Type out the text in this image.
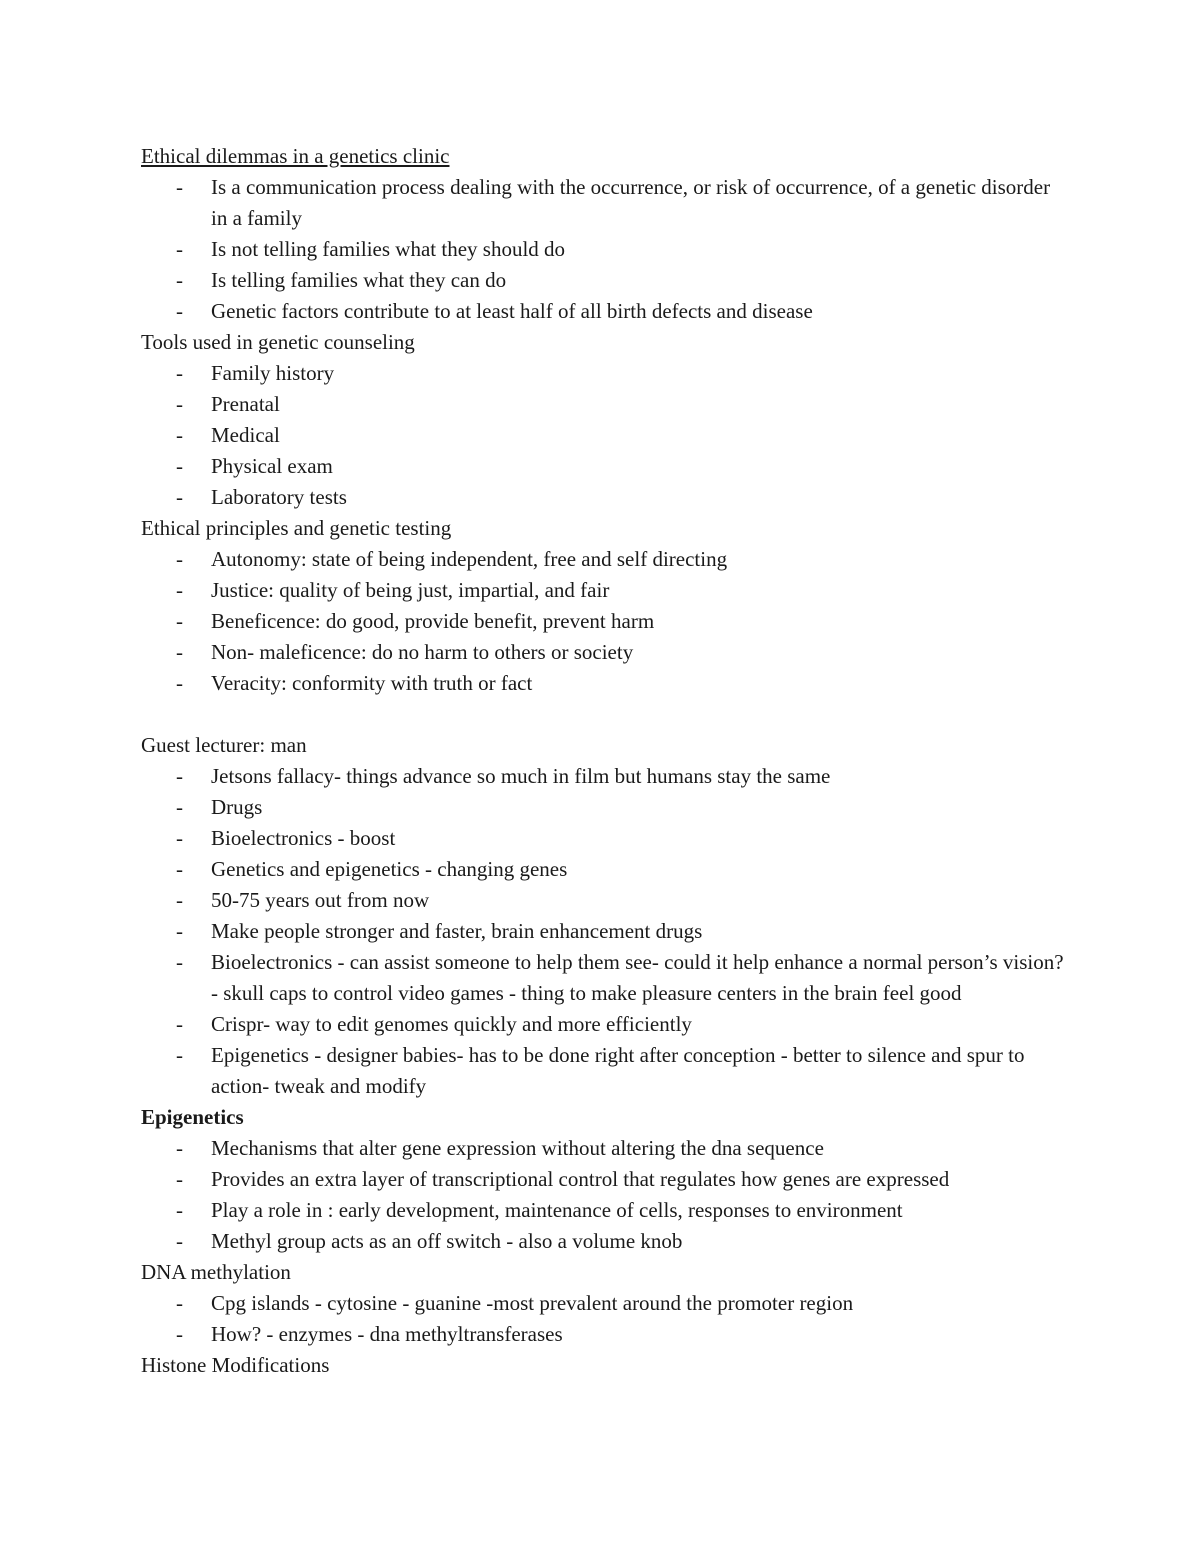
Ethical dilemmas in a genetics clinic
- Is a communication process dealing with the occurrence, or risk of occurrence, of a genetic disorder in a family
- Is not telling families what they should do
- Is telling families what they can do
- Genetic factors contribute to at least half of all birth defects and disease
Tools used in genetic counseling
- Family history
- Prenatal
- Medical
- Physical exam
- Laboratory tests
Ethical principles and genetic testing
- Autonomy: state of being independent, free and self directing
- Justice: quality of being just, impartial, and fair
- Beneficence: do good, provide benefit, prevent harm
- Non- maleficence: do no harm to others or society
- Veracity: conformity with truth or fact
Guest lecturer: man
- Jetsons fallacy- things advance so much in film but humans stay the same
- Drugs
- Bioelectronics - boost
- Genetics and epigenetics - changing genes
- 50-75 years out from now
- Make people stronger and faster, brain enhancement drugs
- Bioelectronics - can assist someone to help them see- could it help enhance a normal person’s vision? - skull caps to control video games - thing to make pleasure centers in the brain feel good
- Crispr- way to edit genomes quickly and more efficiently
- Epigenetics - designer babies- has to be done right after conception - better to silence and spur to action- tweak and modify
Epigenetics
- Mechanisms that alter gene expression without altering the dna sequence
- Provides an extra layer of transcriptional control that regulates how genes are expressed
- Play a role in : early development, maintenance of cells, responses to environment
- Methyl group acts as an off switch - also a volume knob
DNA methylation
- Cpg islands - cytosine - guanine -most prevalent around the promoter region
- How? - enzymes - dna methyltransferases
Histone Modifications
